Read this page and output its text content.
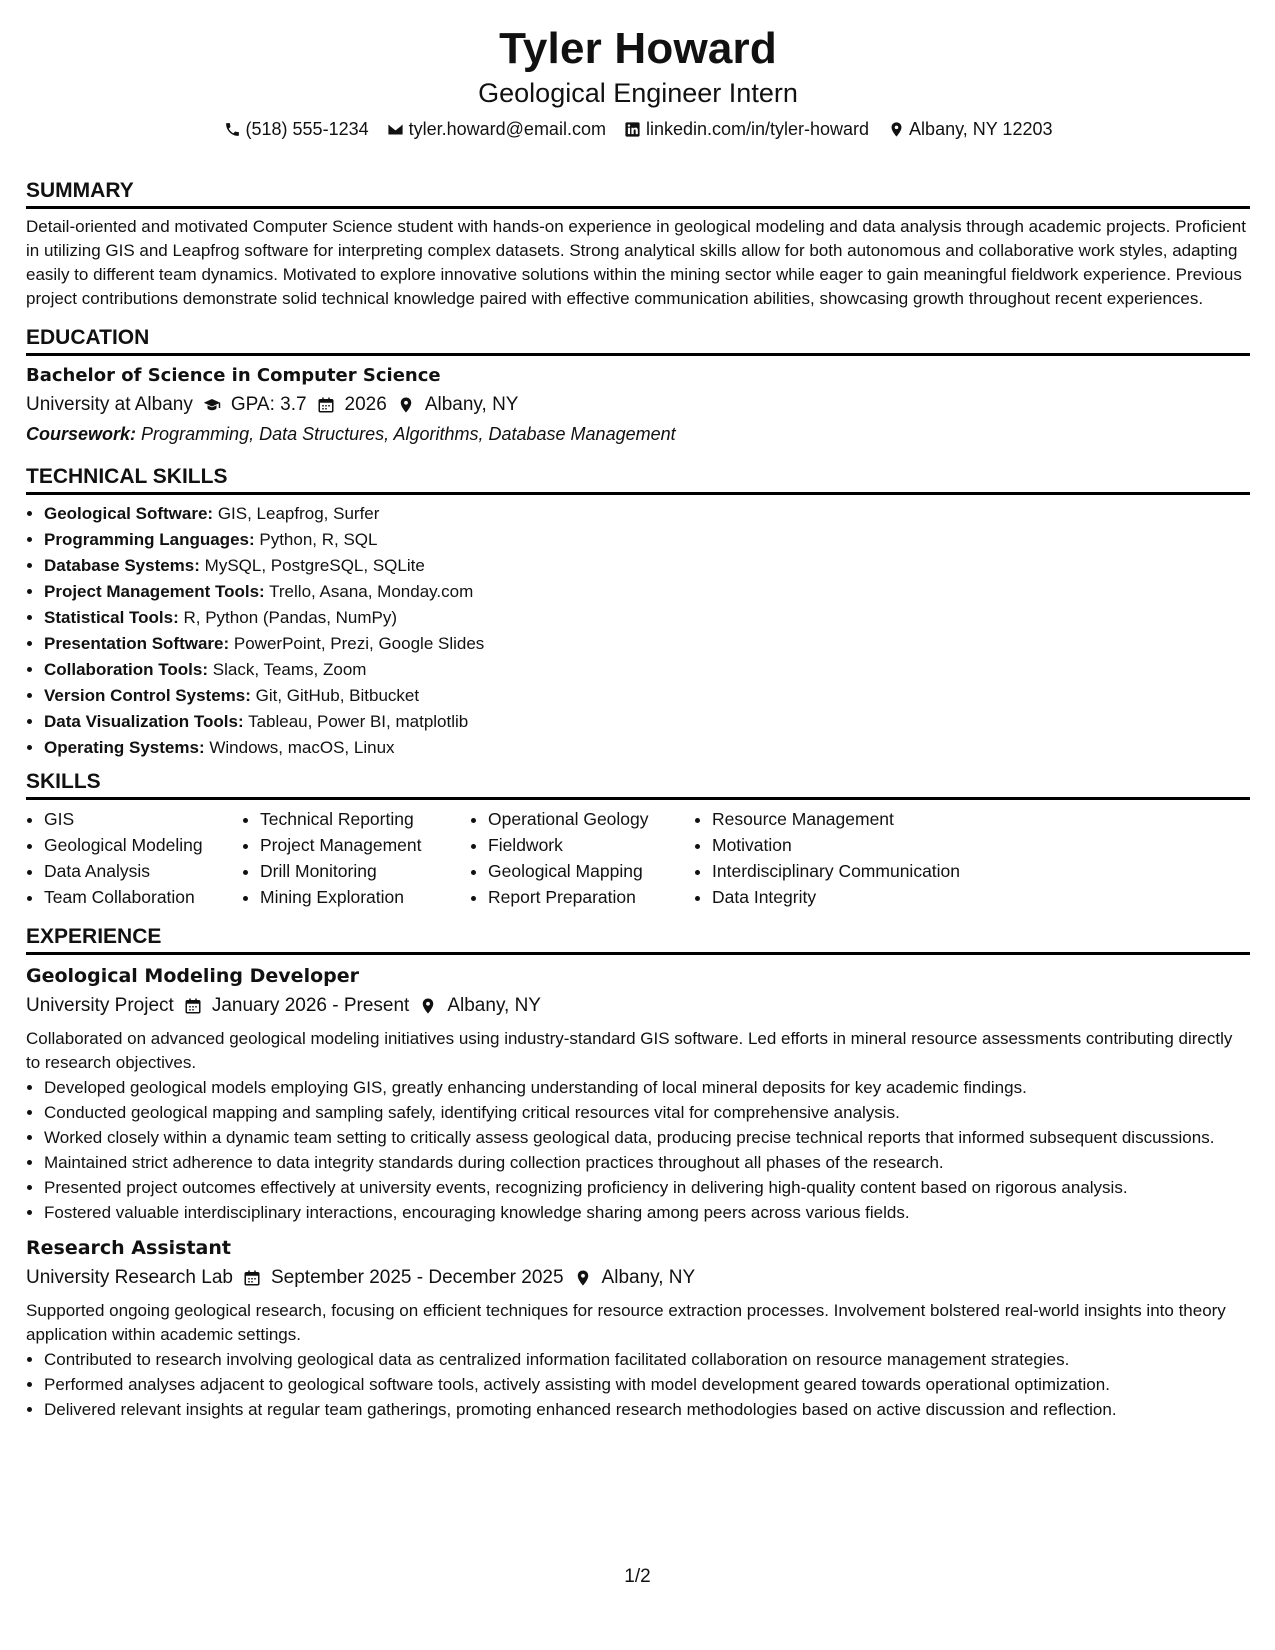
Tyler Howard
Geological Engineer Intern
(518) 555-1234 tyler.howard@email.com linkedin.com/in/tyler-howard Albany, NY 12203
SUMMARY

Detail-oriented and motivated Computer Science student with hands-on experience in geological modeling and data analysis through academic projects. Proficient in utilizing GIS and Leapfrog software for interpreting complex datasets. Strong analytical skills allow for both autonomous and collaborative work styles, adapting easily to different team dynamics. Motivated to explore innovative solutions within the mining sector while eager to gain meaningful fieldwork experience. Previous project contributions demonstrate solid technical knowledge paired with effective communication abilities, showcasing growth throughout recent experiences.

EDUCATION
Bachelor of Science in Computer Science
University at Albany GPA: 3.7 2026 Albany, NY
Coursework: Programming, Data Structures, Algorithms, Database Management
TECHNICAL SKILLS
• Geological Software: GIS, Leapfrog, Surfer
• Programming Languages: Python, R, SQL
• Database Systems: MySQL, PostgreSQL, SQLite
• Project Management Tools: Trello, Asana, Monday.com
• Statistical Tools: R, Python (Pandas, NumPy)
• Presentation Software: PowerPoint, Prezi, Google Slides
• Collaboration Tools: Slack, Teams, Zoom
• Version Control Systems: Git, GitHub, Bitbucket
• Data Visualization Tools: Tableau, Power BI, matplotlib
• Operating Systems: Windows, macOS, Linux
SKILLS
• GIS
• Geological Modeling
• Data Analysis
• Team Collaboration
• Technical Reporting
• Project Management
• Drill Monitoring
• Mining Exploration
• Operational Geology
• Fieldwork
• Geological Mapping
• Report Preparation
• Resource Management
• Motivation
• Interdisciplinary Communication
• Data Integrity
EXPERIENCE
Geological Modeling Developer
University Project January 2026 - Present Albany, NY
Collaborated on advanced geological modeling initiatives using industry-standard GIS software. Led efforts in mineral resource assessments contributing directly to research objectives.
• Developed geological models employing GIS, greatly enhancing understanding of local mineral deposits for key academic findings.
• Conducted geological mapping and sampling safely, identifying critical resources vital for comprehensive analysis.
• Worked closely within a dynamic team setting to critically assess geological data, producing precise technical reports that informed subsequent discussions.
• Maintained strict adherence to data integrity standards during collection practices throughout all phases of the research.
• Presented project outcomes effectively at university events, recognizing proficiency in delivering high-quality content based on rigorous analysis.
• Fostered valuable interdisciplinary interactions, encouraging knowledge sharing among peers across various fields.
Research Assistant
University Research Lab September 2025 - December 2025 Albany, NY
Supported ongoing geological research, focusing on efficient techniques for resource extraction processes. Involvement bolstered real-world insights into theory application within academic settings.
• Contributed to research involving geological data as centralized information facilitated collaboration on resource management strategies.
• Performed analyses adjacent to geological software tools, actively assisting with model development geared towards operational optimization.
• Delivered relevant insights at regular team gatherings, promoting enhanced research methodologies based on active discussion and reflection.
1/2
